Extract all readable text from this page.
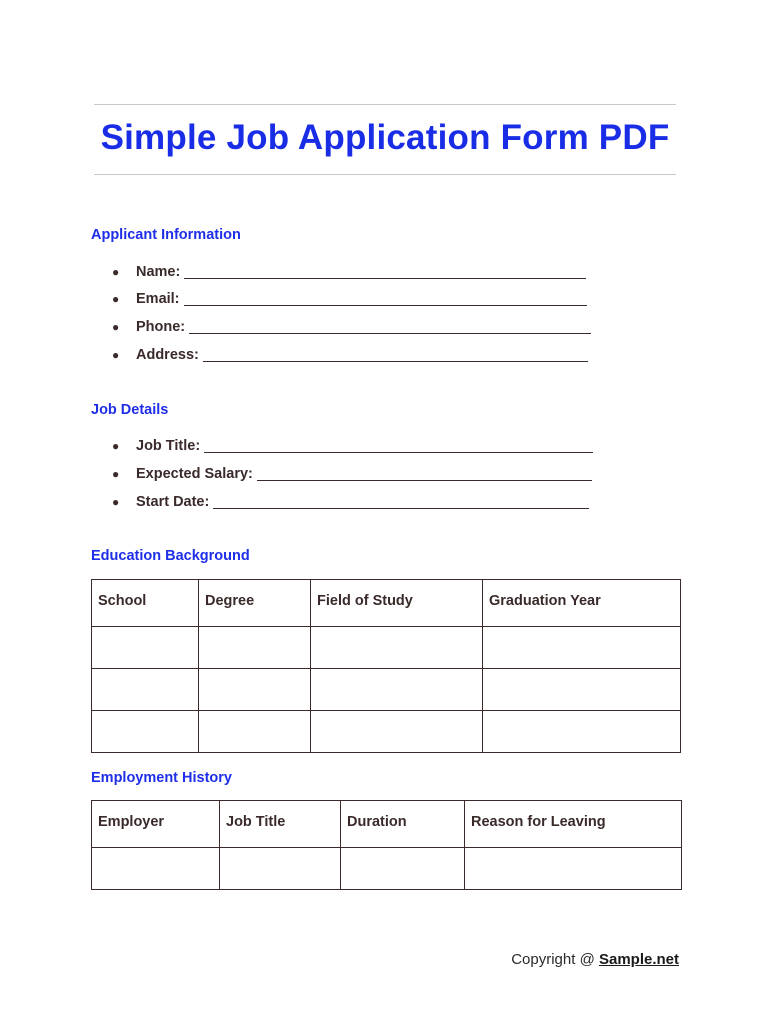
Simple Job Application Form PDF
Applicant Information
●	Name:
●	Email:
●	Phone:
●	Address:
Job Details
●	Job Title:
●	Expected Salary:
●	Start Date:
Education Background
School	Degree	Field of Study	Graduation Year

Employment History
Employer	Job Title	Duration	Reason for Leaving

Copyright @ Sample.net
